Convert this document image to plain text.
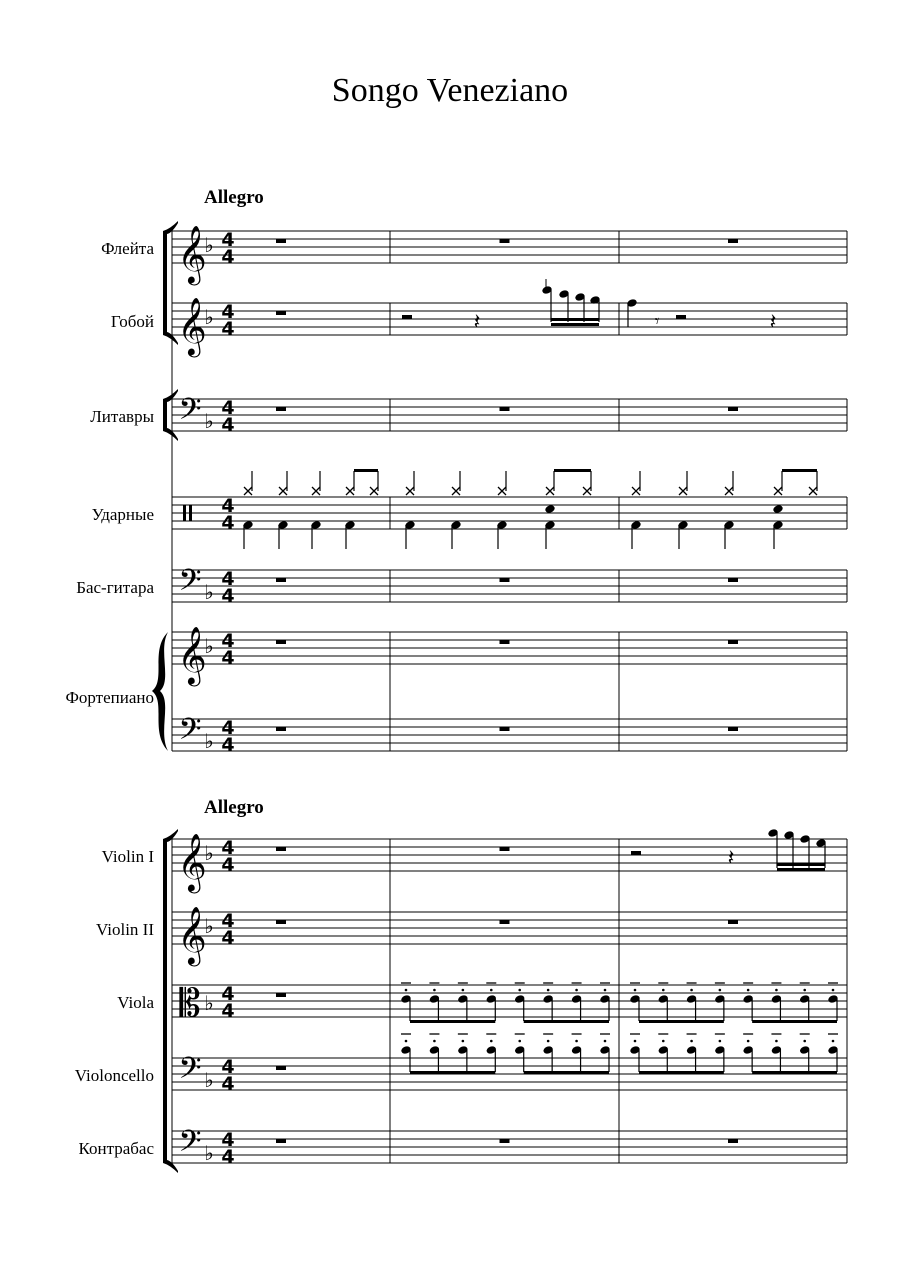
Songo Veneziano
Allegro
Allegro
Флейта
Гобой
Литавры
Ударные
Бас-гитара
Фортепиано
Violin I
Violin II
Viola
Violoncello
Контрабас
𝄞
♭ 4
4
𝄞
♭ 4
4
𝄢 ♭
4
4
4
4
𝄢 ♭
4
4
𝄞
♭ 4
4
𝄢 ♭
4
4
𝄞
♭ 4
4
𝄞
♭ 4
4
𝄡 ♭ 4
4
𝄢 ♭
4
4
𝄢 ♭
4
4
𝄽	𝄾	𝄽
𝄽
